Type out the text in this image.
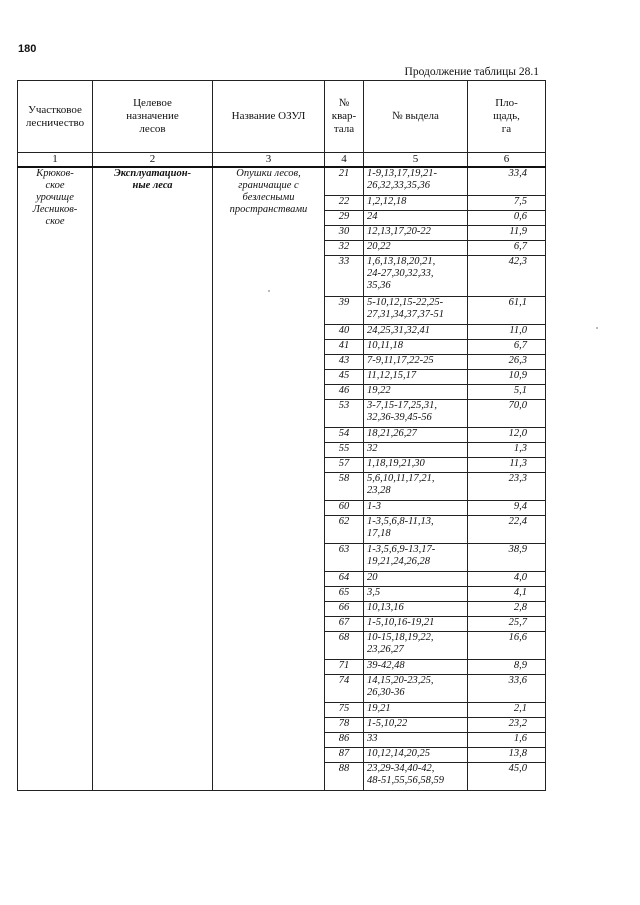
180
Продолжение таблицы 28.1
Участковое
лесничество	Целевое
назначение
лесов	Название ОЗУЛ	№
квар-
тала	№ выдела	Пло-
щадь,
га
1	2	3	4	5	6
Крюков-
ское
урочище
Лесников-
ское	Эксплуатацион-
ные леса	Опушки лесов,
граничащие с
безлесными
пространствами	21	1-9,13,17,19,21-
26,32,33,35,36	33,4
			22	1,2,12,18	7,5
			29	24	0,6
			30	12,13,17,20-22	11,9
			32	20,22	6,7
			33	1,6,13,18,20,21,
24-27,30,32,33,
35,36	42,3
			39	5-10,12,15-22,25-
27,31,34,37,37-51	61,1
			40	24,25,31,32,41	11,0
			41	10,11,18	6,7
			43	7-9,11,17,22-25	26,3
			45	11,12,15,17	10,9
			46	19,22	5,1
			53	3-7,15-17,25,31,
32,36-39,45-56	70,0
			54	18,21,26,27	12,0
			55	32	1,3
			57	1,18,19,21,30	11,3
			58	5,6,10,11,17,21,
23,28	23,3
			60	1-3	9,4
			62	1-3,5,6,8-11,13,
17,18	22,4
			63	1-3,5,6,9-13,17-
19,21,24,26,28	38,9
			64	20	4,0
			65	3,5	4,1
			66	10,13,16	2,8
			67	1-5,10,16-19,21	25,7
			68	10-15,18,19,22,
23,26,27	16,6
			71	39-42,48	8,9
			74	14,15,20-23,25,
26,30-36	33,6
			75	19,21	2,1
			78	1-5,10,22	23,2
			86	33	1,6
			87	10,12,14,20,25	13,8
			88	23,29-34,40-42,
48-51,55,56,58,59	45,0
